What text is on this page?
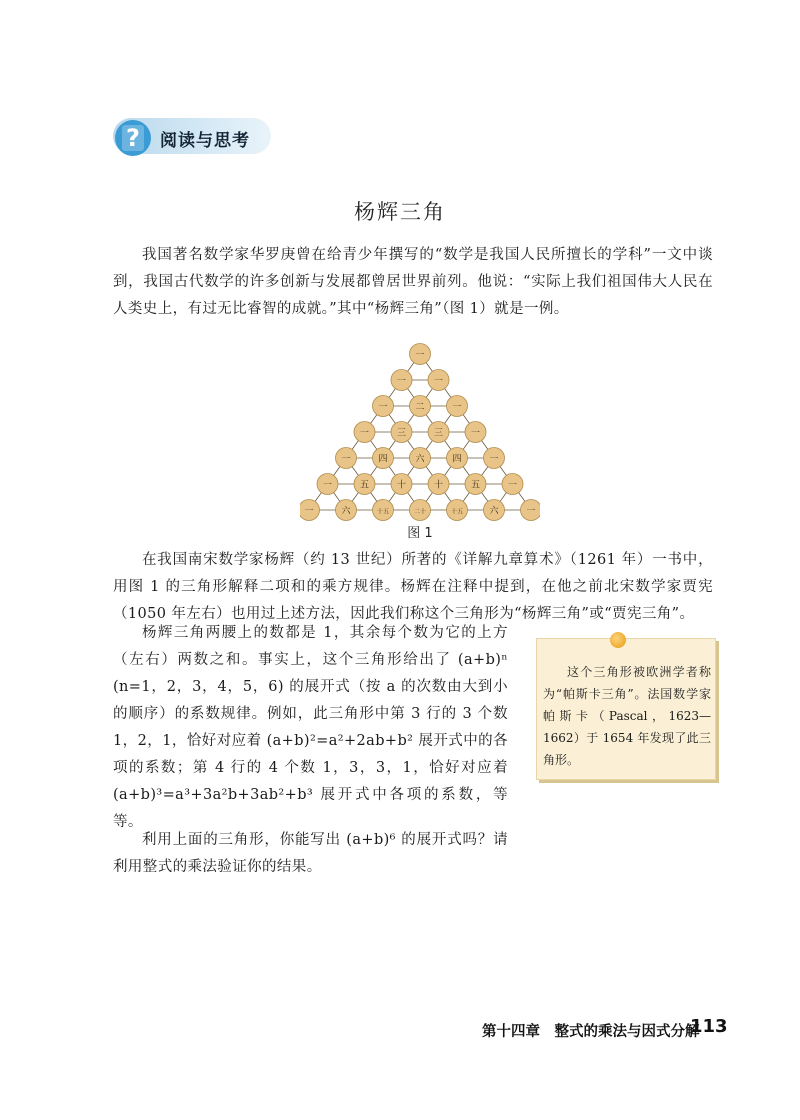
? 阅读与思考
杨辉三角

我国著名数学家华罗庚曾在给青少年撰写的“数学是我国人民所擅长的学科”一文中谈到，我国古代数学的许多创新与发展都曾居世界前列。他说：“实际上我们祖国伟大人民在人类史上，有过无比睿智的成就。”其中“杨辉三角”（图 1）就是一例。

一
一	一
一	二	一
一	三	三	一
一	四	六	四	一
一	五	十	十	五	一
一	六	十五	二十	十五	六	一
图 1

在我国南宋数学家杨辉（约 13 世纪）所著的《详解九章算术》（1261 年）一书中，用图 1 的三角形解释二项和的乘方规律。杨辉在注释中提到，在他之前北宋数学家贾宪（1050 年左右）也用过上述方法，因此我们称这个三角形为“杨辉三角”或“贾宪三角”。

杨辉三角两腰上的数都是 1，其余每个数为它的上方（左右）两数之和。事实上，这个三角形给出了 (a+b)ⁿ (n=1，2，3，4，5，6) 的展开式（按 a 的次数由大到小的顺序）的系数规律。例如，此三角形中第 3 行的 3 个数 1，2，1，恰好对应着 (a+b)²=a²+2ab+b² 展开式中的各项的系数；第 4 行的 4 个数 1，3，3，1，恰好对应着 (a+b)³=a³+3a²b+3ab²+b³ 展开式中各项的系数，等等。

利用上面的三角形，你能写出 (a+b)⁶ 的展开式吗？请利用整式的乘法验证你的结果。

这个三角形被欧洲学者称为“帕斯卡三角”。法国数学家帕斯卡（Pascal，1623—1662）于 1654 年发现了此三角形。

第十四章　整式的乘法与因式分解
113
